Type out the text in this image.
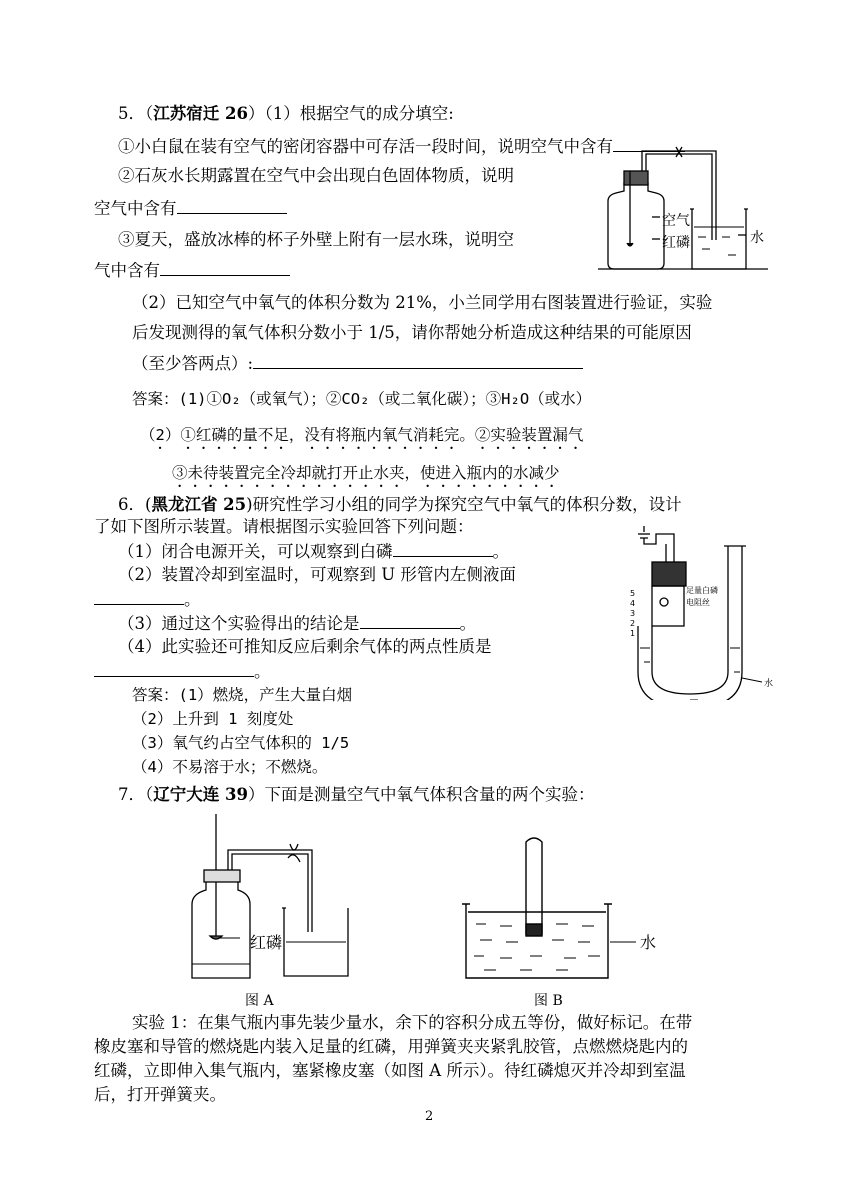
5．（江苏宿迁 26）（1）根据空气的成分填空:
①小白鼠在装有空气的密闭容器中可存活一段时间，说明空气中含有
②石灰水长期露置在空气中会出现白色固体物质，说明
空气中含有
③夏天，盛放冰棒的杯子外壁上附有一层水珠，说明空
气中含有
空气
红磷	水
（2）已知空气中氧气的体积分数为 21%，小兰同学用右图装置进行验证，实验
后发现测得的氧气体积分数小于 1/5，请你帮她分析造成这种结果的可能原因
（至少答两点）:
答案：(1)①O₂（或氧气）；②CO₂（或二氧化碳）；③H₂O（或水）
（2）①红磷的量不足，没有将瓶内氧气消耗完。②实验装置漏气
③未待装置完全冷却就打开止水夹，使进入瓶内的水减少
6．(黑龙江省 25)研究性学习小组的同学为探究空气中氧气的体积分数，设计
了如下图所示装置。请根据图示实验回答下列问题：
（1）闭合电源开关，可以观察到白磷	。
（2）装置冷却到室温时，可观察到 U 形管内左侧液面
。
（3）通过这个实验得出的结论是	。
（4）此实验还可推知反应后剩余气体的两点性质是
。
5
4
3
2
1
足量白磷
电阻丝
水
答案：(1）燃烧，产生大量白烟
（2）上升到 1 刻度处
（3）氧气约占空气体积的 1/5
（4）不易溶于水；不燃烧。
7．（辽宁大连 39）下面是测量空气中氧气体积含量的两个实验：
红磷	水
图 A	图 B
实验 1：在集气瓶内事先装少量水，余下的容积分成五等份，做好标记。在带
橡皮塞和导管的燃烧匙内装入足量的红磷，用弹簧夹夹紧乳胶管，点燃燃烧匙内的
红磷，立即伸入集气瓶内，塞紧橡皮塞（如图 A 所示）。待红磷熄灭并冷却到室温
后，打开弹簧夹。
2
